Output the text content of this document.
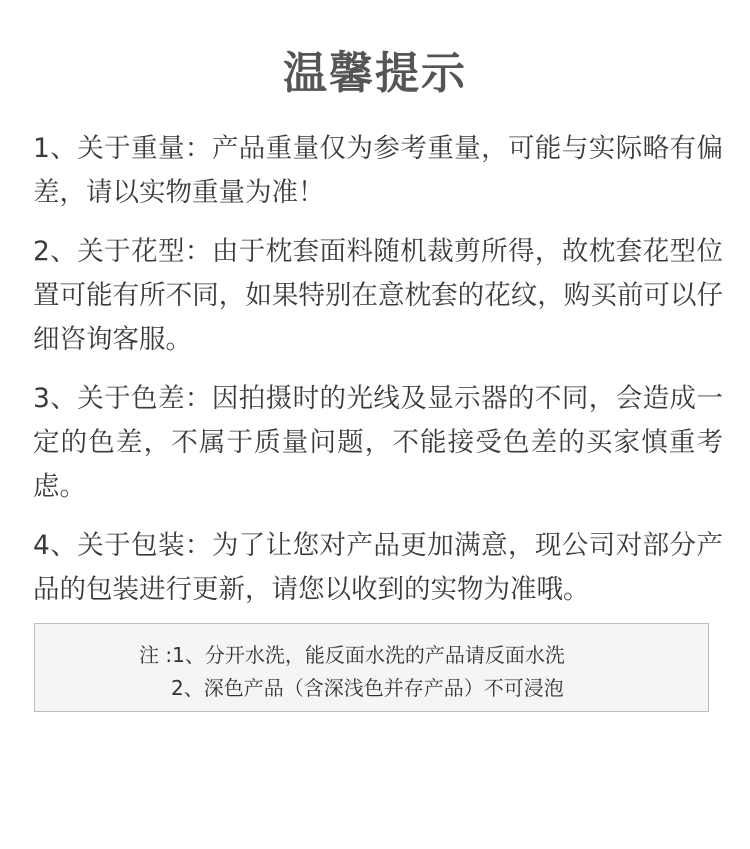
温馨提示

1、关于重量：产品重量仅为参考重量，可能与实际略有偏差，请以实物重量为准！

2、关于花型：由于枕套面料随机裁剪所得，故枕套花型位置可能有所不同，如果特别在意枕套的花纹，购买前可以仔细咨询客服。

3、关于色差：因拍摄时的光线及显示器的不同，会造成一定的色差，不属于质量问题，不能接受色差的买家慎重考虑。

4、关于包装：为了让您对产品更加满意，现公司对部分产品的包装进行更新，请您以收到的实物为准哦。

注 :1、分开水洗，能反面水洗的产品请反面水洗
2、深色产品（含深浅色并存产品）不可浸泡
